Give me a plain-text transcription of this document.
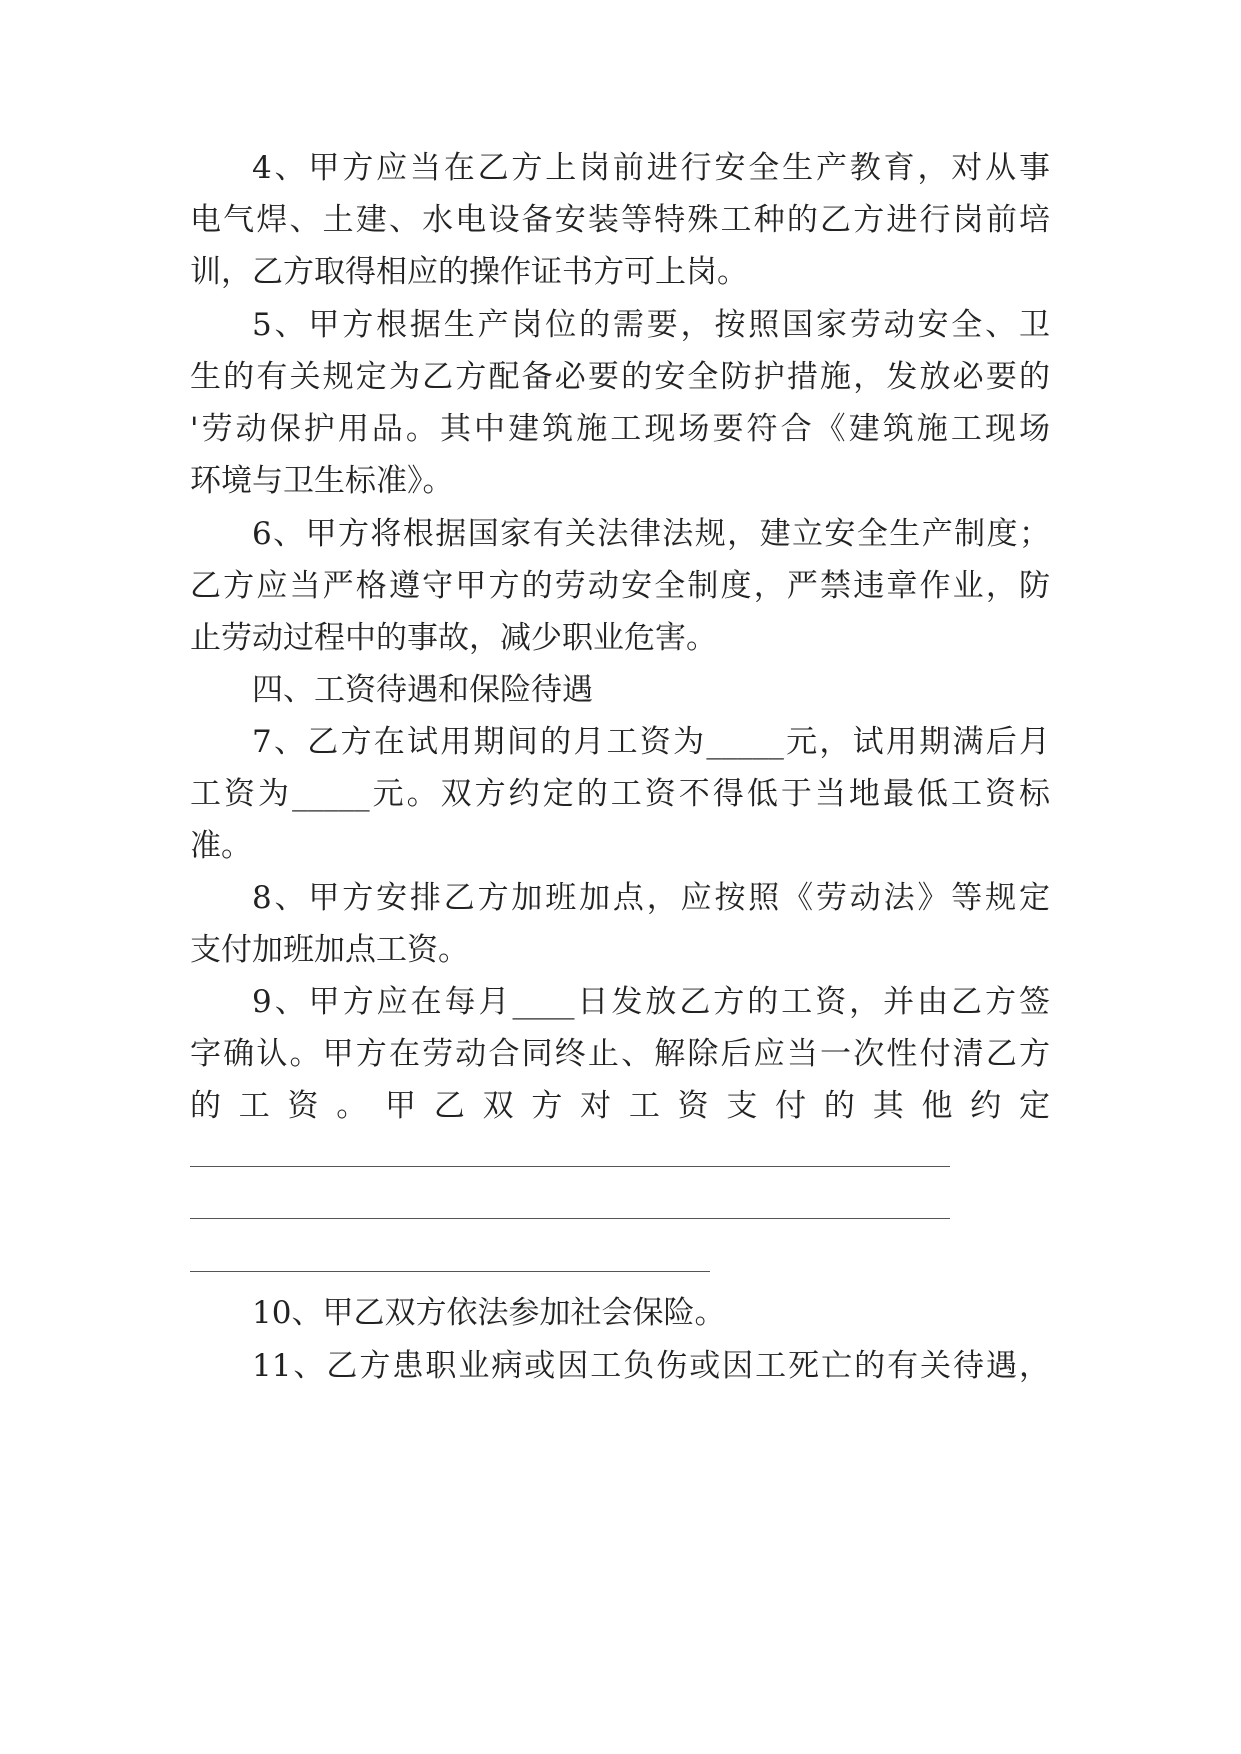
4、甲方应当在乙方上岗前进行安全生产教育，对从事

电气焊、土建、水电设备安装等特殊工种的乙方进行岗前培

训，乙方取得相应的操作证书方可上岗。

5、甲方根据生产岗位的需要，按照国家劳动安全、卫

生的有关规定为乙方配备必要的安全防护措施，发放必要的

'劳动保护用品。其中建筑施工现场要符合《建筑施工现场

环境与卫生标准》。

6、甲方将根据国家有关法律法规，建立安全生产制度；

乙方应当严格遵守甲方的劳动安全制度，严禁违章作业，防

止劳动过程中的事故，减少职业危害。

四、工资待遇和保险待遇

7、乙方在试用期间的月工资为_____元，试用期满后月

工资为_____元。双方约定的工资不得低于当地最低工资标

准。

8、甲方安排乙方加班加点，应按照《劳动法》等规定

支付加班加点工资。

9、甲方应在每月____日发放乙方的工资，并由乙方签

字确认。甲方在劳动合同终止、解除后应当一次性付清乙方

的 工 资 。 甲 乙 双 方 对 工 资 支 付 的 其 他 约 定

10、甲乙双方依法参加社会保险。

11、乙方患职业病或因工负伤或因工死亡的有关待遇，
